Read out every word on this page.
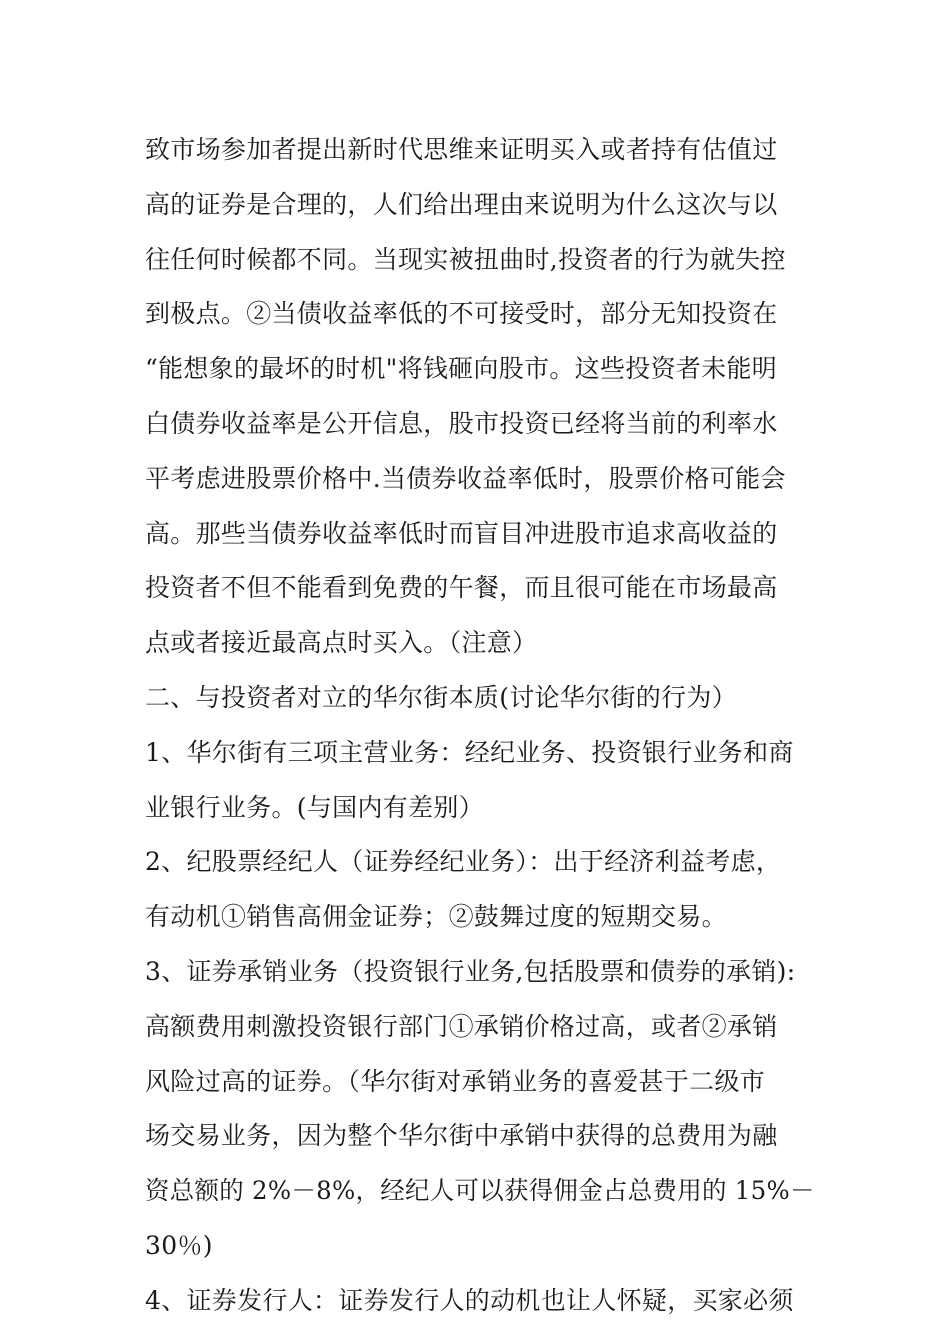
致市场参加者提出新时代思维来证明买入或者持有估值过
高的证券是合理的，人们给出理由来说明为什么这次与以
往任何时候都不同。当现实被扭曲时,投资者的行为就失控
到极点。②当债收益率低的不可接受时，部分无知投资在
“能想象的最坏的时机"将钱砸向股市。这些投资者未能明
白债券收益率是公开信息，股市投资已经将当前的利率水
平考虑进股票价格中.当债券收益率低时，股票价格可能会
高。那些当债券收益率低时而盲目冲进股市追求高收益的
投资者不但不能看到免费的午餐，而且很可能在市场最高
点或者接近最高点时买入。（注意）
二、与投资者对立的华尔街本质(讨论华尔街的行为）
1、华尔街有三项主营业务：经纪业务、投资银行业务和商
业银行业务。(与国内有差别）
2、纪股票经纪人（证券经纪业务）：出于经济利益考虑，
有动机①销售高佣金证券；②鼓舞过度的短期交易。
3、证券承销业务（投资银行业务,包括股票和债券的承销):
高额费用刺激投资银行部门①承销价格过高，或者②承销
风险过高的证券。（华尔街对承销业务的喜爱甚于二级市
场交易业务，因为整个华尔街中承销中获得的总费用为融
资总额的 2%－8%，经纪人可以获得佣金占总费用的 15%－
30％)
4、证券发行人：证券发行人的动机也让人怀疑，买家必须
